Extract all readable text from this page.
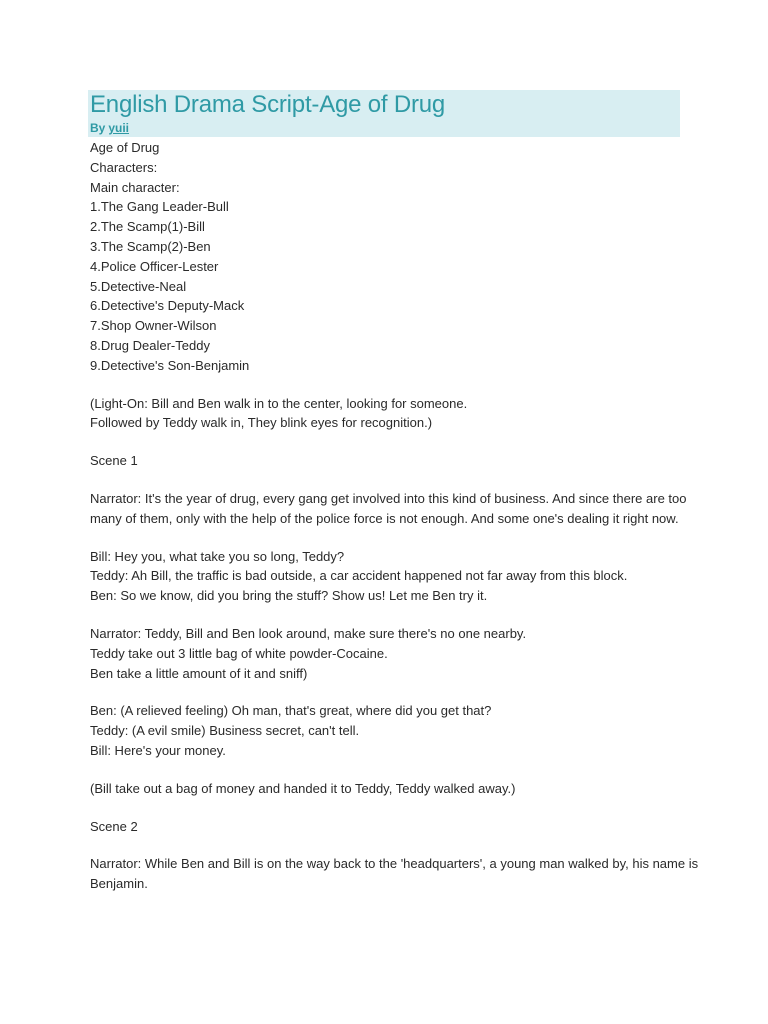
English Drama Script-Age of Drug
By yuii
Age of Drug
Characters:
Main character:
1.The Gang Leader-Bull
2.The Scamp(1)-Bill
3.The Scamp(2)-Ben
4.Police Officer-Lester
5.Detective-Neal
6.Detective's Deputy-Mack
7.Shop Owner-Wilson
8.Drug Dealer-Teddy
9.Detective's Son-Benjamin
(Light-On: Bill and Ben walk in to the center, looking for someone.
Followed by Teddy walk in, They blink eyes for recognition.)
Scene 1
Narrator: It's the year of drug, every gang get involved into this kind of business. And since there are too
many of them, only with the help of the police force is not enough. And some one's dealing it right now.
Bill: Hey you, what take you so long, Teddy?
Teddy: Ah Bill, the traffic is bad outside, a car accident happened not far away from this block.
Ben: So we know, did you bring the stuff? Show us! Let me Ben try it.
Narrator: Teddy, Bill and Ben look around, make sure there's no one nearby.
Teddy take out 3 little bag of white powder-Cocaine.
Ben take a little amount of it and sniff)
Ben: (A relieved feeling) Oh man, that's great, where did you get that?
Teddy: (A evil smile) Business secret, can't tell.
Bill: Here's your money.
(Bill take out a bag of money and handed it to Teddy, Teddy walked away.)
Scene 2
Narrator: While Ben and Bill is on the way back to the 'headquarters', a young man walked by, his name is
Benjamin.
